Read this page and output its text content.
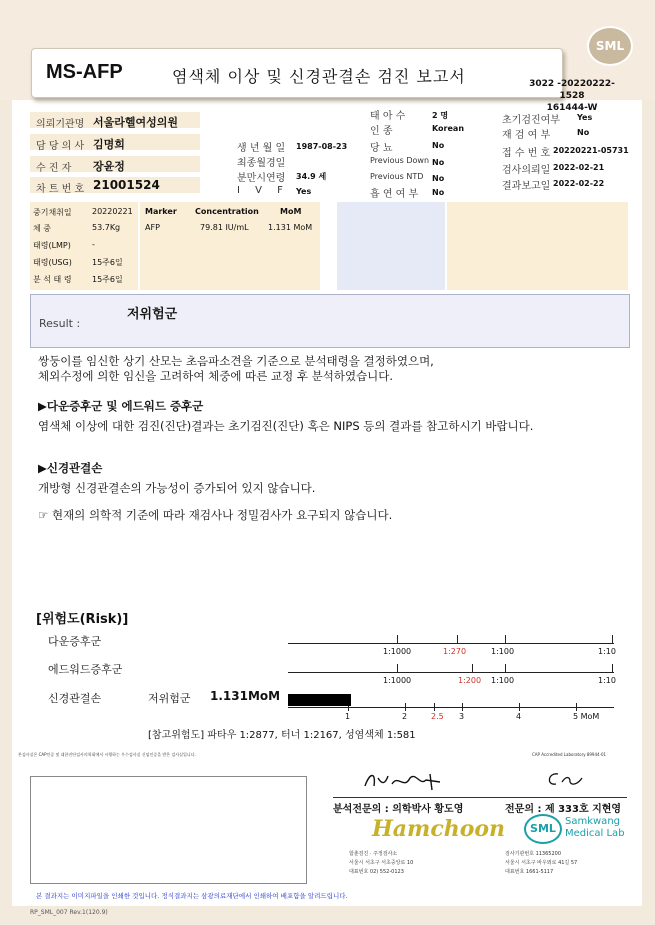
SML
MS-AFP	염색체 이상 및 신경관결손 검진 보고서	3022 -20220222-1528
161444-W
의뢰기관명 서울라헬여성의원
담 당 의 사 김명희
수 진 자 장윤정
차 트 번 호 21001524
생 년 월 일 1987-08-23
최종월경일
분만시연령 34.9 세
I V F Yes
태 아 수	2 명
인 종	Korean
당 뇨	No
Previous Down No
Previous NTD No
흡 연 여 부 No
초기검진여부 Yes
재 검 여 부	No
접 수 번 호 20220221-05731
검사의뢰일 2022-02-21
결과보고일 2022-02-22
중기채취일	20220221
체 중	53.7Kg
태령(LMP)	-
태령(USG)	15주6일
분 석 태 령	15주6일
Marker Concentration	MoM
AFP	79.81 IU/mL 1.131 MoM
Result :
저위험군
쌍둥이를 임신한 상기 산모는 초음파소견을 기준으로 분석태령을 결정하였으며,
체외수정에 의한 임신을 고려하여 체중에 따른 교정 후 분석하였습니다.
▶다운증후군 및 에드워드 증후군
염색체 이상에 대한 검진(진단)결과는 초기검진(진단) 혹은 NIPS 등의 결과를 참고하시기 바랍니다.
▶신경관결손
개방형 신경관결손의 가능성이 증가되어 있지 않습니다.
☞ 현재의 의학적 기준에 따라 재검사나 정밀검사가 요구되지 않습니다.
[위험도(Risk)]
다운증후군
에드워드증후군
신경관결손	저위험군 1.131MoM
1:1000	1:270	1:100	1:10
1:1000	1:200 1:100	1:10
1	2	2.5 3	4	5 MoM
[참고위험도] 파타우 1:2877, 터너 1:2167, 성염색체 1:581
본검사실은 CAP인증 및 대한진단검사의학회에서 시행하는 우수검사실 신임인증을 받은 검사실입니다.	CAP Accredited Laboratory 89944-01
분석전문의 : 의학박사 황도영	전문의 : 제 333호 지현영
Hamchoon	SML
Samkwang
Medical Lab
함춘검진 · 주정검사소
서울시 서초구 서초중앙로 10
대표번호 02) 552-0123
검사기관번호 11365200
서울시 서초구 바우뫼로 41길 57
대표번호 1661-5117
본 결과지는 이미지파일을 인쇄한 것입니다. 정식결과지는 삼광의료재단에서 인쇄하여 배포함을 알려드립니다.
RP_SML_007 Rev.1(120.9)
